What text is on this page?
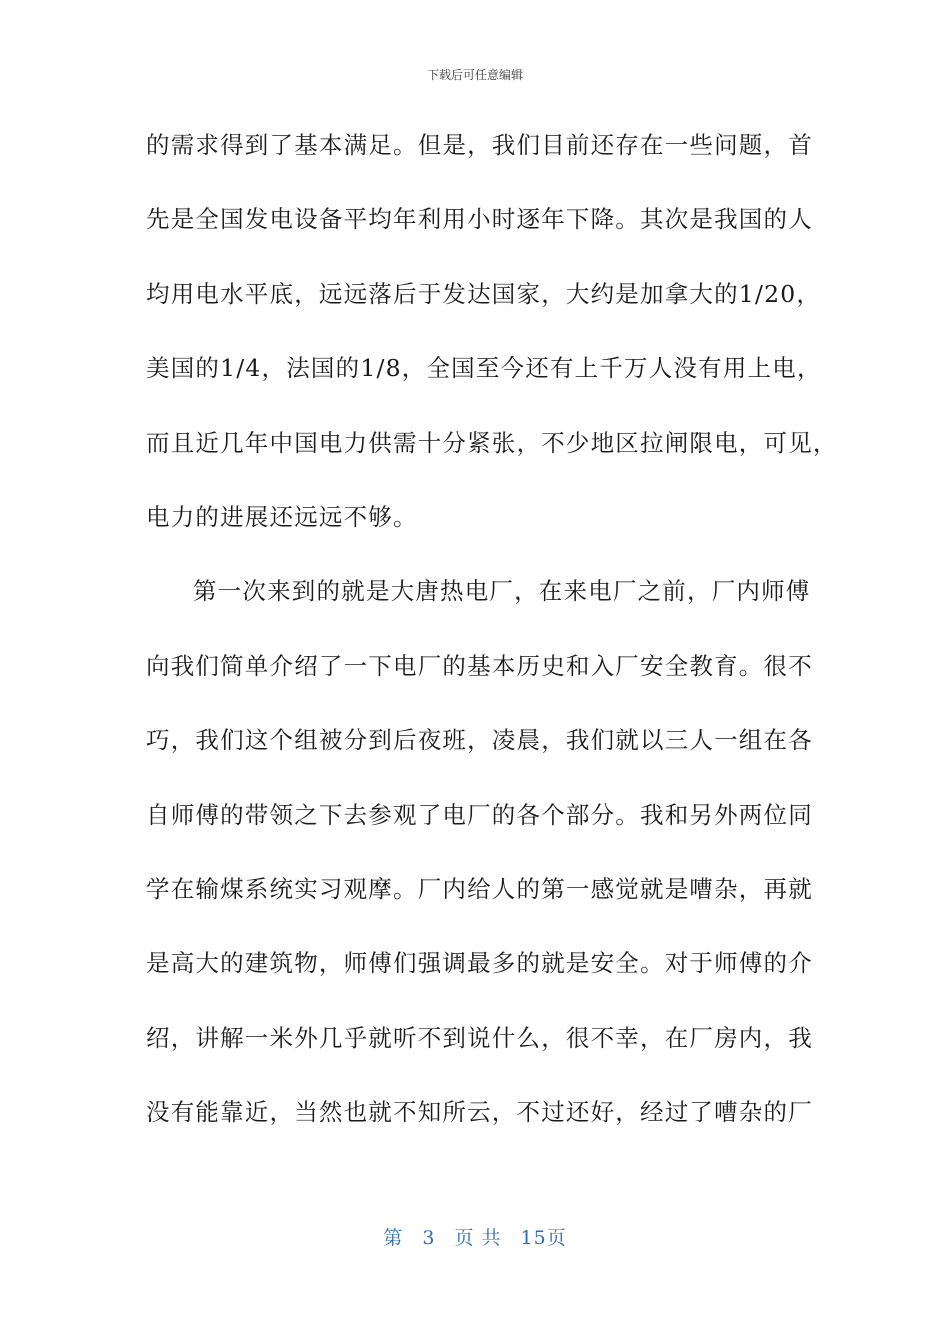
下载后可任意编辑
的需求得到了基本满足。但是，我们目前还存在一些问题，首
先是全国发电设备平均年利用小时逐年下降。其次是我国的人
均用电水平底，远远落后于发达国家，大约是加拿大的1/20，
美国的1/4，法国的1/8，全国至今还有上千万人没有用上电，
而且近几年中国电力供需十分紧张，不少地区拉闸限电，可见，
电力的进展还远远不够。
第一次来到的就是大唐热电厂，在来电厂之前，厂内师傅
向我们简单介绍了一下电厂的基本历史和入厂安全教育。很不
巧，我们这个组被分到后夜班，凌晨，我们就以三人一组在各
自师傅的带领之下去参观了电厂的各个部分。我和另外两位同
学在输煤系统实习观摩。厂内给人的第一感觉就是嘈杂，再就
是高大的建筑物，师傅们强调最多的就是安全。对于师傅的介
绍，讲解一米外几乎就听不到说什么，很不幸，在厂房内，我
没有能靠近，当然也就不知所云，不过还好，经过了嘈杂的厂
第 3 页 共 15页
